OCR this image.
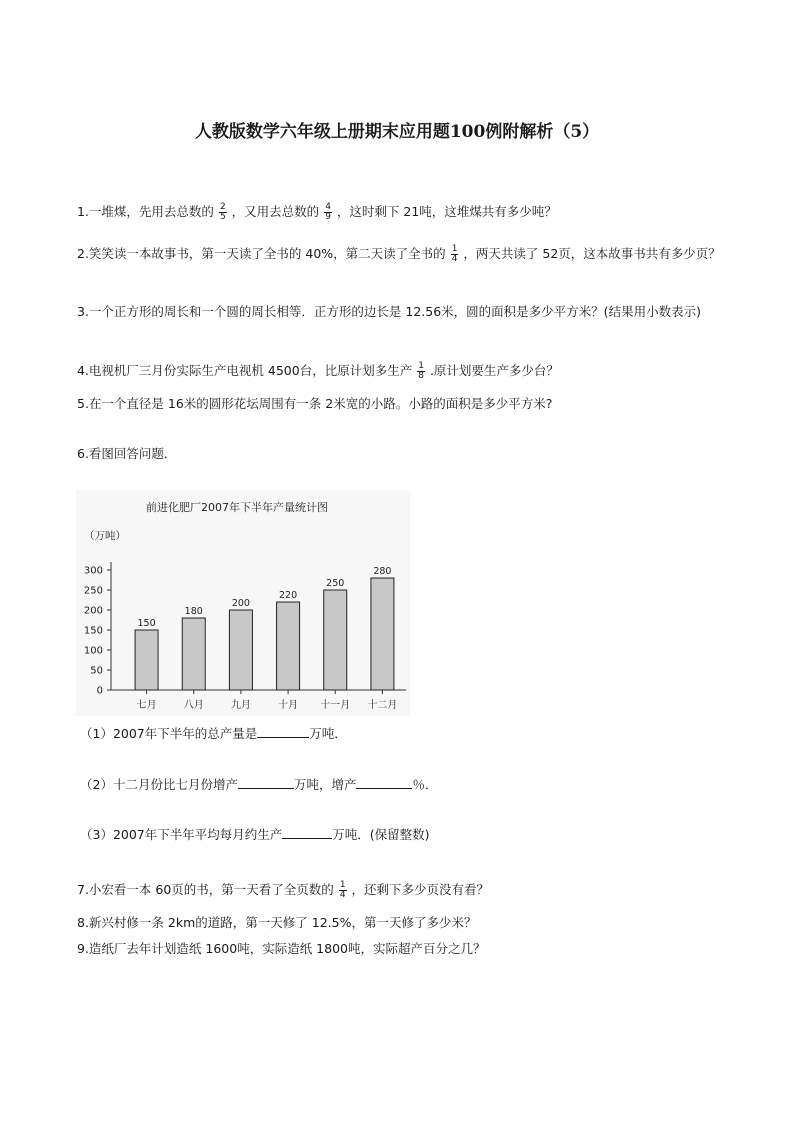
人教版数学六年级上册期末应用题100例附解析（5）
1.一堆煤，先用去总数的 $\frac{2}{5}$ ，又用去总数的 $\frac{4}{9}$ ，这时剩下 21吨，这堆煤共有多少吨？
2.笑笑读一本故事书，第一天读了全书的 40%，第二天读了全书的 $\frac{1}{4}$ ，两天共读了 52页，这本故事书共有多少页？
3.一个正方形的周长和一个圆的周长相等．正方形的边长是 12.56米，圆的面积是多少平方米？(结果用小数表示)
4.电视机厂三月份实际生产电视机 4500台，比原计划多生产 $\frac{1}{8}$ .原计划要生产多少台？
5.在一个直径是 16米的圆形花坛周围有一条 2米宽的小路。小路的面积是多少平方米?
6.看图回答问题．
前进化肥厂2007年下半年产量统计图
（万吨）
0
50
100
150
200
250
300
150
七月
180
八月
200
九月
220
十月
250
十一月
280
十二月
（1）2007年下半年的总产量是	万吨．
（2）十二月份比七月份增产	万吨，增产	％．
（3）2007年下半年平均每月约生产	万吨．(保留整数)
7.小宏看一本 60页的书，第一天看了全页数的 $\frac{1}{4}$ ，还剩下多少页没有看？
8.新兴村修一条 2km的道路，第一天修了 12.5%，第一天修了多少米？
9.造纸厂去年计划造纸 1600吨，实际造纸 1800吨，实际超产百分之几？
